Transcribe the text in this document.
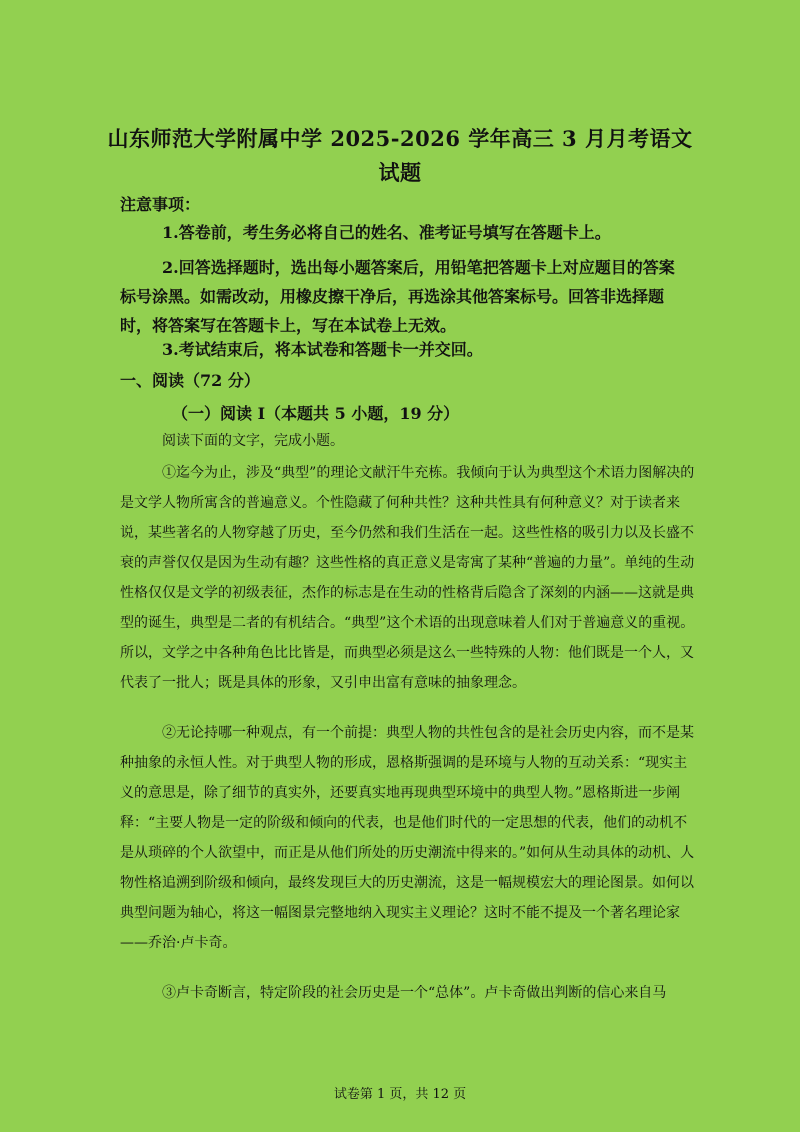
山东师范大学附属中学 2025-2026 学年高三 3 月月考语文
试题
注意事项：

1.答卷前，考生务必将自己的姓名、准考证号填写在答题卡上。

2.回答选择题时，选出每小题答案后，用铅笔把答题卡上对应题目的答案

标号涂黑。如需改动，用橡皮擦干净后，再选涂其他答案标号。回答非选择题

时，将答案写在答题卡上，写在本试卷上无效。

3.考试结束后，将本试卷和答题卡一并交回。

一、阅读（72 分）
（一）阅读 I（本题共 5 小题，19 分）

阅读下面的文字，完成小题。

①迄今为止，涉及“典型”的理论文献汗牛充栋。我倾向于认为典型这个术语力图解决的是文学人物所寓含的普遍意义。个性隐藏了何种共性？这种共性具有何种意义？对于读者来说，某些著名的人物穿越了历史，至今仍然和我们生活在一起。这些性格的吸引力以及长盛不衰的声誉仅仅是因为生动有趣？这些性格的真正意义是寄寓了某种“普遍的力量”。单纯的生动性格仅仅是文学的初级表征，杰作的标志是在生动的性格背后隐含了深刻的内涵——这就是典型的诞生，典型是二者的有机结合。“典型”这个术语的出现意味着人们对于普遍意义的重视。所以，文学之中各种角色比比皆是，而典型必须是这么一些特殊的人物：他们既是一个人，又代表了一批人；既是具体的形象，又引申出富有意味的抽象理念。

②无论持哪一种观点，有一个前提：典型人物的共性包含的是社会历史内容，而不是某种抽象的永恒人性。对于典型人物的形成，恩格斯强调的是环境与人物的互动关系：“现实主义的意思是，除了细节的真实外，还要真实地再现典型环境中的典型人物。”恩格斯进一步阐释：“主要人物是一定的阶级和倾向的代表，也是他们时代的一定思想的代表，他们的动机不是从琐碎的个人欲望中，而正是从他们所处的历史潮流中得来的。”如何从生动具体的动机、人物性格追溯到阶级和倾向，最终发现巨大的历史潮流，这是一幅规模宏大的理论图景。如何以典型问题为轴心，将这一幅图景完整地纳入现实主义理论？这时不能不提及一个著名理论家——乔治·卢卡奇。

③卢卡奇断言，特定阶段的社会历史是一个“总体”。卢卡奇做出判断的信心来自马

试卷第 1 页，共 12 页
